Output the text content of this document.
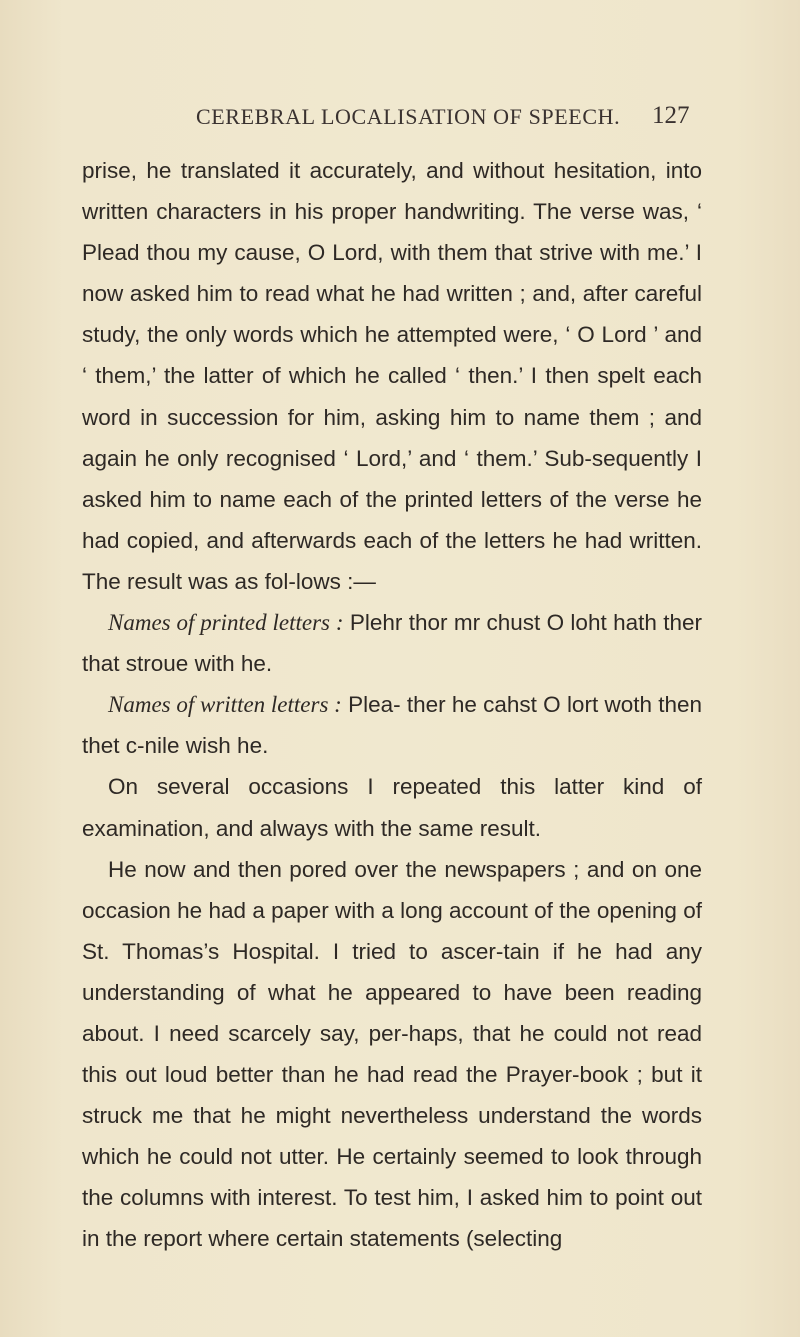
CEREBRAL LOCALISATION OF SPEECH. 127

prise, he translated it accurately, and without hesitation, into written characters in his proper handwriting. The verse was, ‘ Plead thou my cause, O Lord, with them that strive with me.’ I now asked him to read what he had written ; and, after careful study, the only words which he attempted were, ‘ O Lord ’ and ‘ them,’ the latter of which he called ‘ then.’ I then spelt each word in succession for him, asking him to name them ; and again he only recognised ‘ Lord,’ and ‘ them.’ Sub-sequently I asked him to name each of the printed letters of the verse he had copied, and afterwards each of the letters he had written. The result was as fol-lows :—

Names of printed letters : Plehr thor mr chust O loht hath ther that stroue with he.

Names of written letters : Plea- ther he cahst O lort woth then thet c-nile wish he.

On several occasions I repeated this latter kind of examination, and always with the same result.

He now and then pored over the newspapers ; and on one occasion he had a paper with a long account of the opening of St. Thomas’s Hospital. I tried to ascer-tain if he had any understanding of what he appeared to have been reading about. I need scarcely say, per-haps, that he could not read this out loud better than he had read the Prayer-book ; but it struck me that he might nevertheless understand the words which he could not utter. He certainly seemed to look through the columns with interest. To test him, I asked him to point out in the report where certain statements (selecting
